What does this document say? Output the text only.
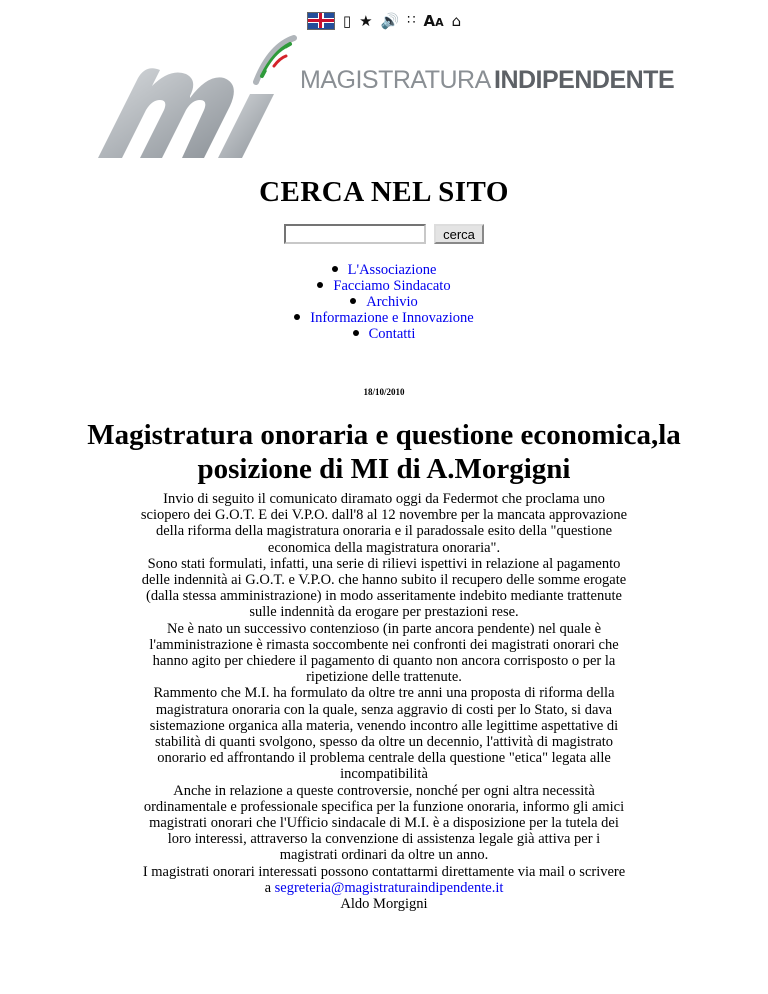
▯ ★ 🔊 ∷ AA ⌂
MAGISTRATURA INDIPENDENTE
CERCA NEL SITO
cerca
L'Associazione
Facciamo Sindacato
Archivio
Informazione e Innovazione
Contatti
18/10/2010
Magistratura onoraria e questione economica,la posizione di MI di A.Morgigni

Invio di seguito il comunicato diramato oggi da Federmot che proclama uno sciopero dei G.O.T. E dei V.P.O. dall'8 al 12 novembre per la mancata approvazione della riforma della magistratura onoraria e il paradossale esito della "questione economica della magistratura onoraria".

Sono stati formulati, infatti, una serie di rilievi ispettivi in relazione al pagamento delle indennità ai G.O.T. e V.P.O. che hanno subito il recupero delle somme erogate (dalla stessa amministrazione) in modo asseritamente indebito mediante trattenute sulle indennità da erogare per prestazioni rese.

Ne è nato un successivo contenzioso (in parte ancora pendente) nel quale è l'amministrazione è rimasta soccombente nei confronti dei magistrati onorari che hanno agito per chiedere il pagamento di quanto non ancora corrisposto o per la ripetizione delle trattenute.

Rammento che M.I. ha formulato da oltre tre anni una proposta di riforma della magistratura onoraria con la quale, senza aggravio di costi per lo Stato, si dava sistemazione organica alla materia, venendo incontro alle legittime aspettative di stabilità di quanti svolgono, spesso da oltre un decennio, l'attività di magistrato onorario ed affrontando il problema centrale della questione "etica" legata alle incompatibilità

Anche in relazione a queste controversie, nonché per ogni altra necessità ordinamentale e professionale specifica per la funzione onoraria, informo gli amici magistrati onorari che l'Ufficio sindacale di M.I. è a disposizione per la tutela dei loro interessi, attraverso la convenzione di assistenza legale già attiva per i magistrati ordinari da oltre un anno.

I magistrati onorari interessati possono contattarmi direttamente via mail o scrivere a segreteria@magistraturaindipendente.it

Aldo Morgigni
